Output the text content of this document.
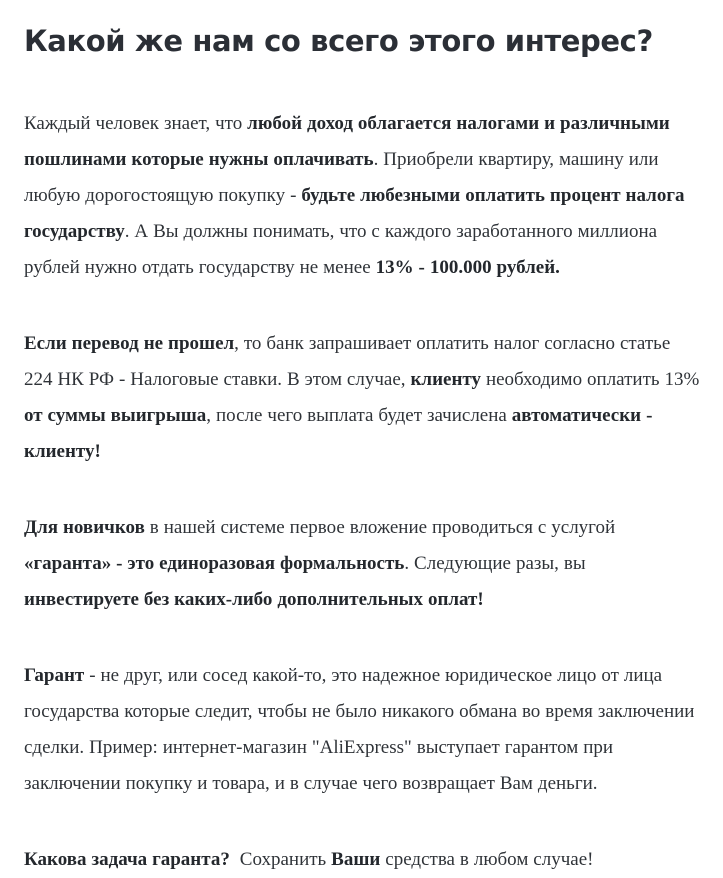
Какой же нам со всего этого интерес?

Каждый человек знает, что любой доход облагается налогами и различными пошлинами которые нужны оплачивать. Приобрели квартиру, машину или любую дорогостоящую покупку - будьте любезными оплатить процент налога государству. А Вы должны понимать, что с каждого заработанного миллиона рублей нужно отдать государству не менее 13% - 100.000 рублей.

Если перевод не прошел, то банк запрашивает оплатить налог согласно статье 224 НК РФ - Налоговые ставки. В этом случае, клиенту необходимо оплатить 13% от суммы выигрыша, после чего выплата будет зачислена автоматически - клиенту!

Для новичков в нашей системе первое вложение проводиться с услугой «гаранта» - это единоразовая формальность. Следующие разы, вы инвестируете без каких-либо дополнительных оплат!

Гарант - не друг, или сосед какой-то, это надежное юридическое лицо от лица государства которые следит, чтобы не было никакого обмана во время заключении сделки. Пример: интернет-магазин "AliExpress" выступает гарантом при заключении покупку и товара, и в случае чего возвращает Вам деньги.

Какова задача гаранта? Сохранить Ваши средства в любом случае!
